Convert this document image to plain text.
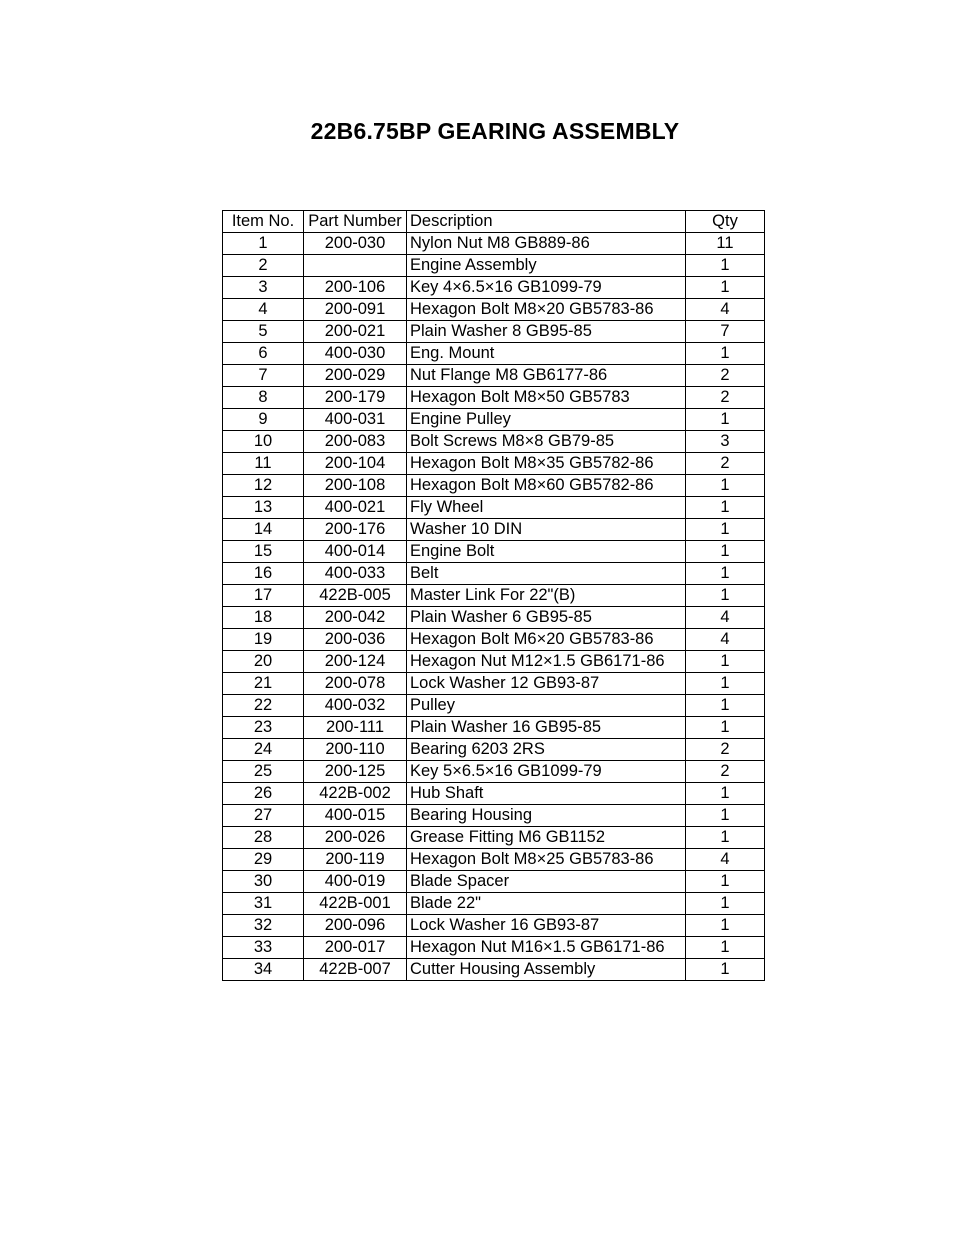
22B6.75BP GEARING ASSEMBLY
Item No.	Part Number	Description	Qty
1	200-030	Nylon Nut M8 GB889-86	11
2		Engine Assembly	1
3	200-106	Key 4×6.5×16 GB1099-79	1
4	200-091	Hexagon Bolt M8×20 GB5783-86	4
5	200-021	Plain Washer 8 GB95-85	7
6	400-030	Eng. Mount	1
7	200-029	Nut Flange M8 GB6177-86	2
8	200-179	Hexagon Bolt M8×50 GB5783	2
9	400-031	Engine Pulley	1
10	200-083	Bolt Screws M8×8 GB79-85	3
11	200-104	Hexagon Bolt M8×35 GB5782-86	2
12	200-108	Hexagon Bolt M8×60 GB5782-86	1
13	400-021	Fly Wheel	1
14	200-176	Washer 10 DIN	1
15	400-014	Engine Bolt	1
16	400-033	Belt	1
17	422B-005	Master Link For 22"(B)	1
18	200-042	Plain Washer 6 GB95-85	4
19	200-036	Hexagon Bolt M6×20 GB5783-86	4
20	200-124	Hexagon Nut M12×1.5 GB6171-86	1
21	200-078	Lock Washer 12 GB93-87	1
22	400-032	Pulley	1
23	200-111	Plain Washer 16 GB95-85	1
24	200-110	Bearing 6203 2RS	2
25	200-125	Key 5×6.5×16 GB1099-79	2
26	422B-002	Hub Shaft	1
27	400-015	Bearing Housing	1
28	200-026	Grease Fitting M6 GB1152	1
29	200-119	Hexagon Bolt M8×25 GB5783-86	4
30	400-019	Blade Spacer	1
31	422B-001	Blade 22"	1
32	200-096	Lock Washer 16 GB93-87	1
33	200-017	Hexagon Nut M16×1.5 GB6171-86	1
34	422B-007	Cutter Housing Assembly	1
